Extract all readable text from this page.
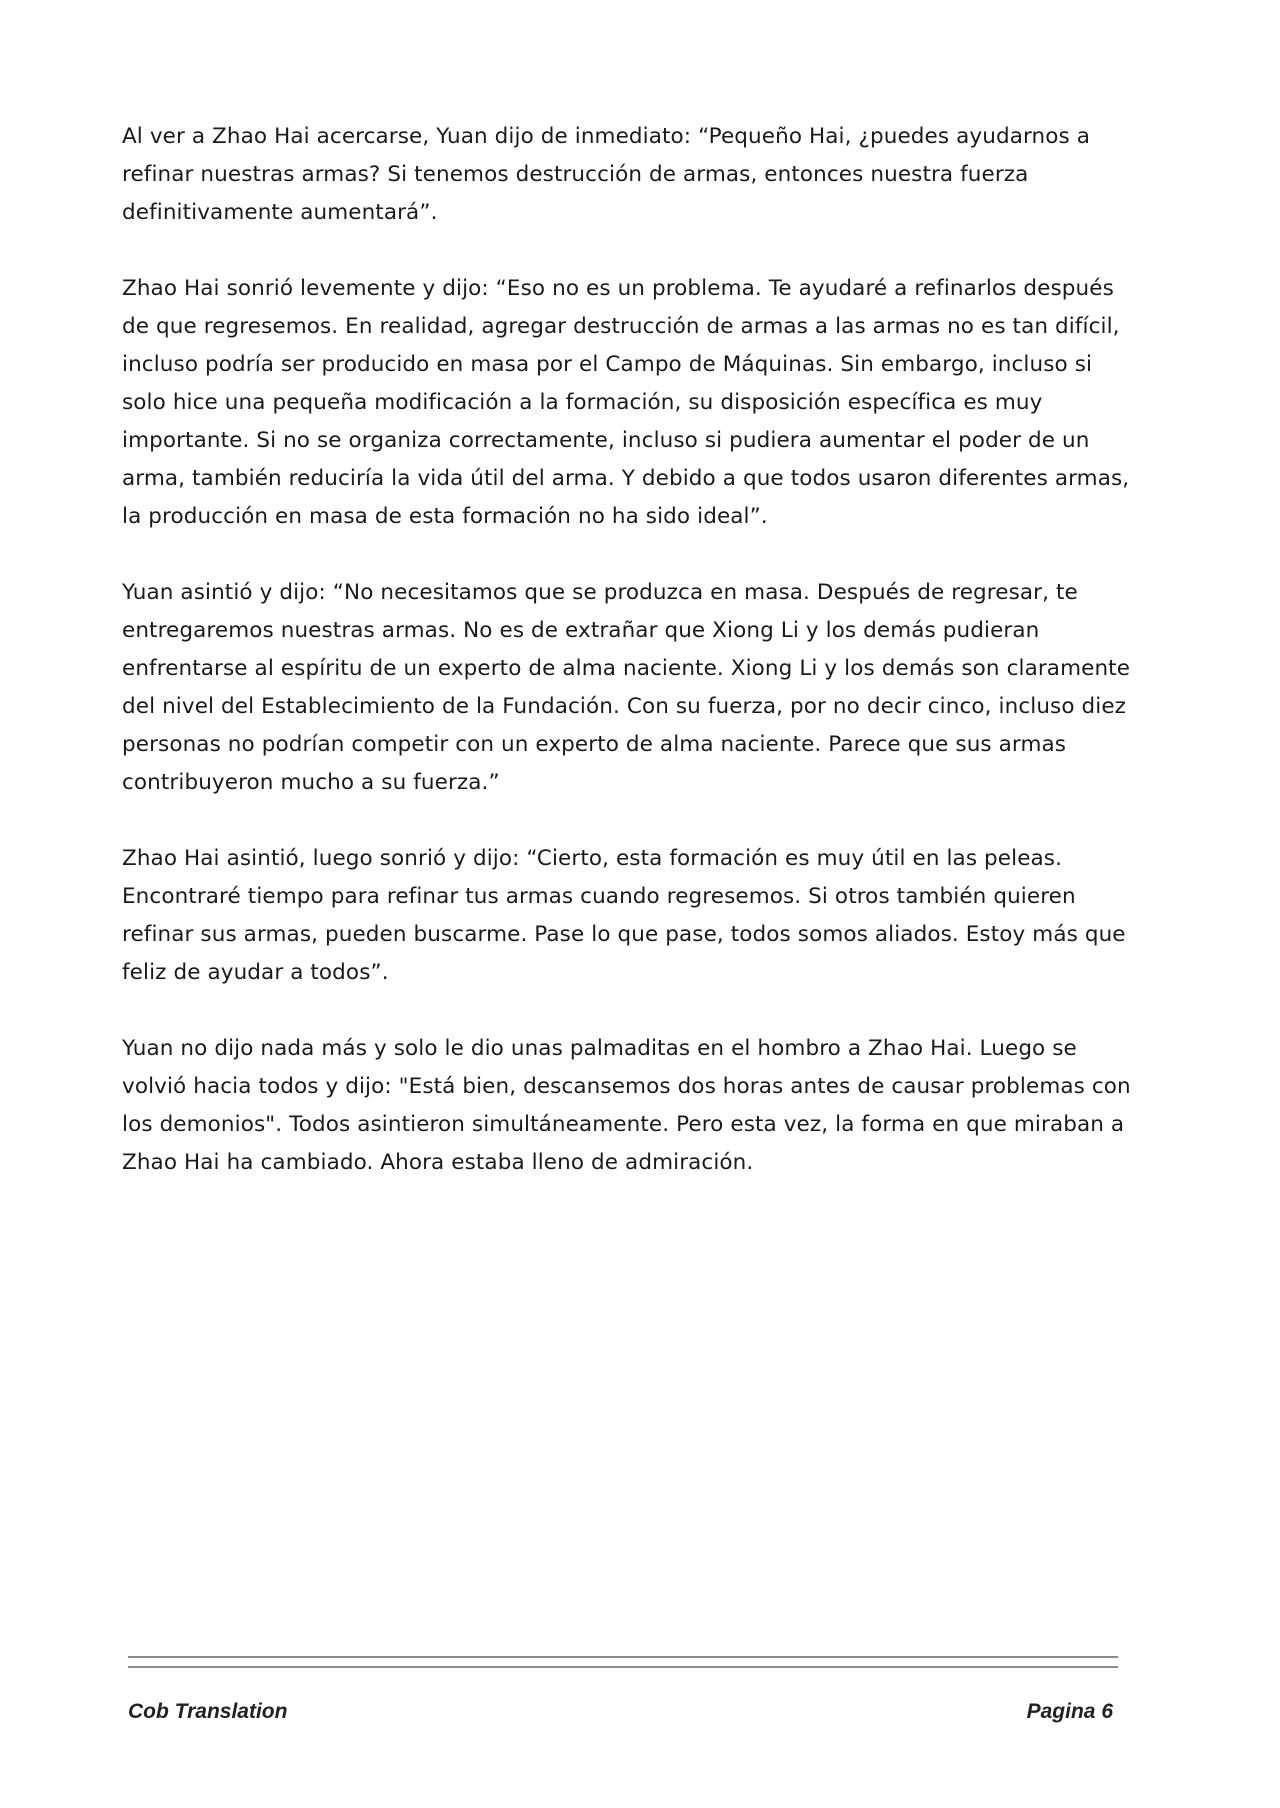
Al ver a Zhao Hai acercarse, Yuan dijo de inmediato: “Pequeño Hai, ¿puedes ayudarnos a refinar nuestras armas? Si tenemos destrucción de armas, entonces nuestra fuerza definitivamente aumentará”.

Zhao Hai sonrió levemente y dijo: “Eso no es un problema. Te ayudaré a refinarlos después de que regresemos. En realidad, agregar destrucción de armas a las armas no es tan difícil, incluso podría ser producido en masa por el Campo de Máquinas. Sin embargo, incluso si solo hice una pequeña modificación a la formación, su disposición específica es muy importante. Si no se organiza correctamente, incluso si pudiera aumentar el poder de un arma, también reduciría la vida útil del arma. Y debido a que todos usaron diferentes armas, la producción en masa de esta formación no ha sido ideal”.

Yuan asintió y dijo: “No necesitamos que se produzca en masa. Después de regresar, te entregaremos nuestras armas. No es de extrañar que Xiong Li y los demás pudieran enfrentarse al espíritu de un experto de alma naciente. Xiong Li y los demás son claramente del nivel del Establecimiento de la Fundación. Con su fuerza, por no decir cinco, incluso diez personas no podrían competir con un experto de alma naciente. Parece que sus armas contribuyeron mucho a su fuerza.”

Zhao Hai asintió, luego sonrió y dijo: “Cierto, esta formación es muy útil en las peleas. Encontraré tiempo para refinar tus armas cuando regresemos. Si otros también quieren refinar sus armas, pueden buscarme. Pase lo que pase, todos somos aliados. Estoy más que feliz de ayudar a todos”.

Yuan no dijo nada más y solo le dio unas palmaditas en el hombro a Zhao Hai. Luego se volvió hacia todos y dijo: "Está bien, descansemos dos horas antes de causar problemas con los demonios". Todos asintieron simultáneamente. Pero esta vez, la forma en que miraban a Zhao Hai ha cambiado. Ahora estaba lleno de admiración.

Cob Translation	Pagina 6
